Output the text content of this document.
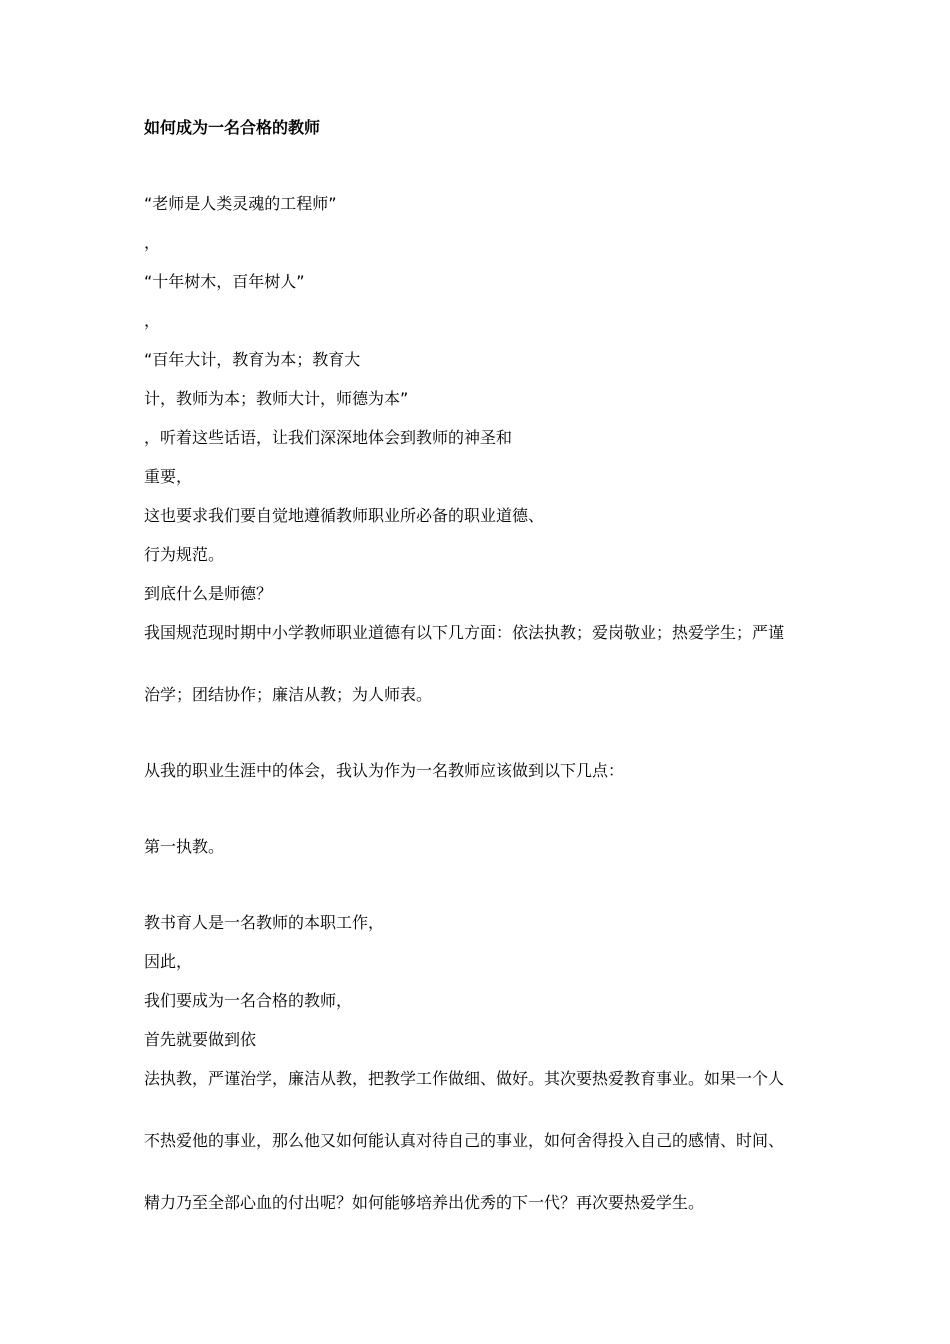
如何成为一名合格的教师

“老师是人类灵魂的工程师”

，

“十年树木，百年树人”

，

“百年大计，教育为本；教育大

计，教师为本；教师大计，师德为本”

，听着这些话语，让我们深深地体会到教师的神圣和

重要，

这也要求我们要自觉地遵循教师职业所必备的职业道德、

行为规范。

到底什么是师德？

我国规范现时期中小学教师职业道德有以下几方面：依法执教；爱岗敬业；热爱学生；严谨

治学；团结协作；廉洁从教；为人师表。

从我的职业生涯中的体会，我认为作为一名教师应该做到以下几点：

第一执教。

教书育人是一名教师的本职工作，

因此，

我们要成为一名合格的教师，

首先就要做到依

法执教，严谨治学，廉洁从教，把教学工作做细、做好。其次要热爱教育事业。如果一个人

不热爱他的事业，那么他又如何能认真对待自己的事业，如何舍得投入自己的感情、时间、

精力乃至全部心血的付出呢？如何能够培养出优秀的下一代？再次要热爱学生。
